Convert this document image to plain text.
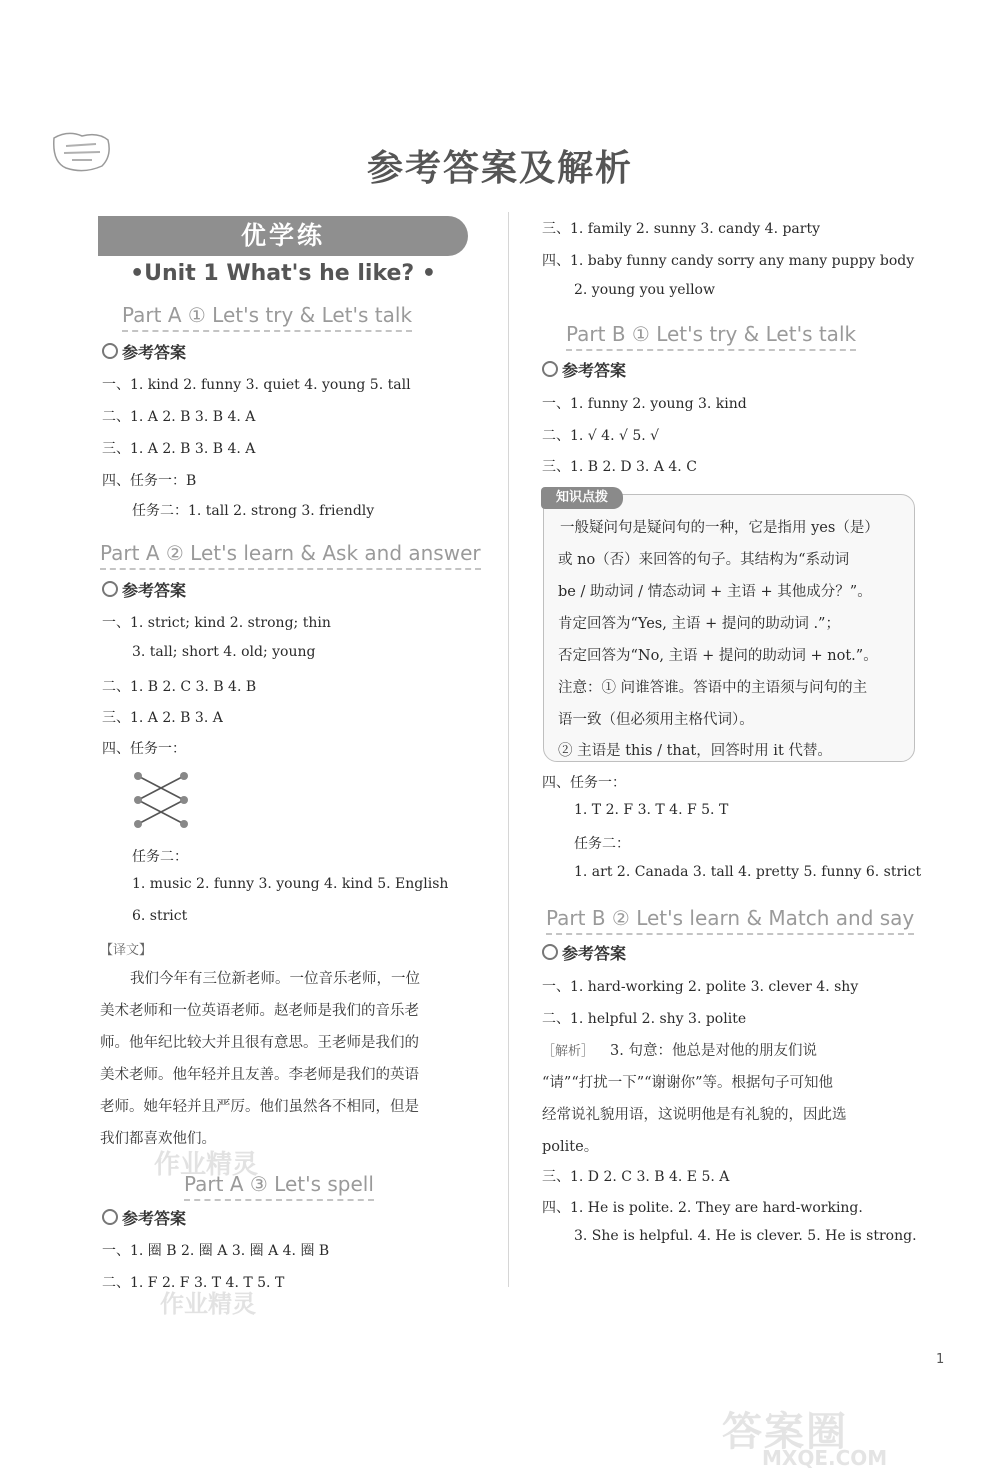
参考答案及解析
优学练
•Unit 1 What's he like? •
Part A ① Let's try & Let's talk
参考答案
一、1. kind 2. funny 3. quiet 4. young 5. tall
二、1. A 2. B 3. B 4. A
三、1. A 2. B 3. B 4. A
四、任务一：B
任务二：1. tall 2. strong 3. friendly
Part A ② Let's learn & Ask and answer
参考答案
一、1. strict; kind 2. strong; thin
3. tall; short 4. old; young
二、1. B 2. C 3. B 4. B
三、1. A 2. B 3. A
四、任务一：
任务二：
1. music 2. funny 3. young 4. kind 5. English
6. strict
【译文】
我们今年有三位新老师。一位音乐老师，一位
美术老师和一位英语老师。赵老师是我们的音乐老
师。他年纪比较大并且很有意思。王老师是我们的
美术老师。他年轻并且友善。李老师是我们的英语
老师。她年轻并且严厉。他们虽然各不相同，但是
我们都喜欢他们。
作业精灵
Part A ③ Let's spell
参考答案
一、1. 圈 B 2. 圈 A 3. 圈 A 4. 圈 B
二、1. F 2. F 3. T 4. T 5. T
作业精灵
三、1. family 2. sunny 3. candy 4. party
四、1. baby funny candy sorry any many puppy body
2. young you yellow
Part B ① Let's try & Let's talk
参考答案
一、1. funny 2. young 3. kind
二、1. √ 4. √ 5. √
三、1. B 2. D 3. A 4. C
知识点拨
一般疑问句是疑问句的一种，它是指用 yes（是）
或 no（否）来回答的句子。其结构为“系动词
be / 助动词 / 情态动词 + 主语 + 其他成分？”。
肯定回答为“Yes, 主语 + 提问的助动词 .”；
否定回答为“No, 主语 + 提问的助动词 + not.”。
注意：① 问谁答谁。答语中的主语须与问句的主
语一致（但必须用主格代词）。
② 主语是 this / that，回答时用 it 代替。
四、任务一：
1. T 2. F 3. T 4. F 5. T
任务二：
1. art 2. Canada 3. tall 4. pretty 5. funny 6. strict
Part B ② Let's learn & Match and say
参考答案
一、1. hard-working 2. polite 3. clever 4. shy
二、1. helpful 2. shy 3. polite
［解析］ 3. 句意：他总是对他的朋友们说
“请”“打扰一下”“谢谢你”等。根据句子可知他
经常说礼貌用语，这说明他是有礼貌的，因此选
polite。
三、1. D 2. C 3. B 4. E 5. A
四、1. He is polite. 2. They are hard-working.
3. She is helpful. 4. He is clever. 5. He is strong.
1
答案圈
MXQE.COM
